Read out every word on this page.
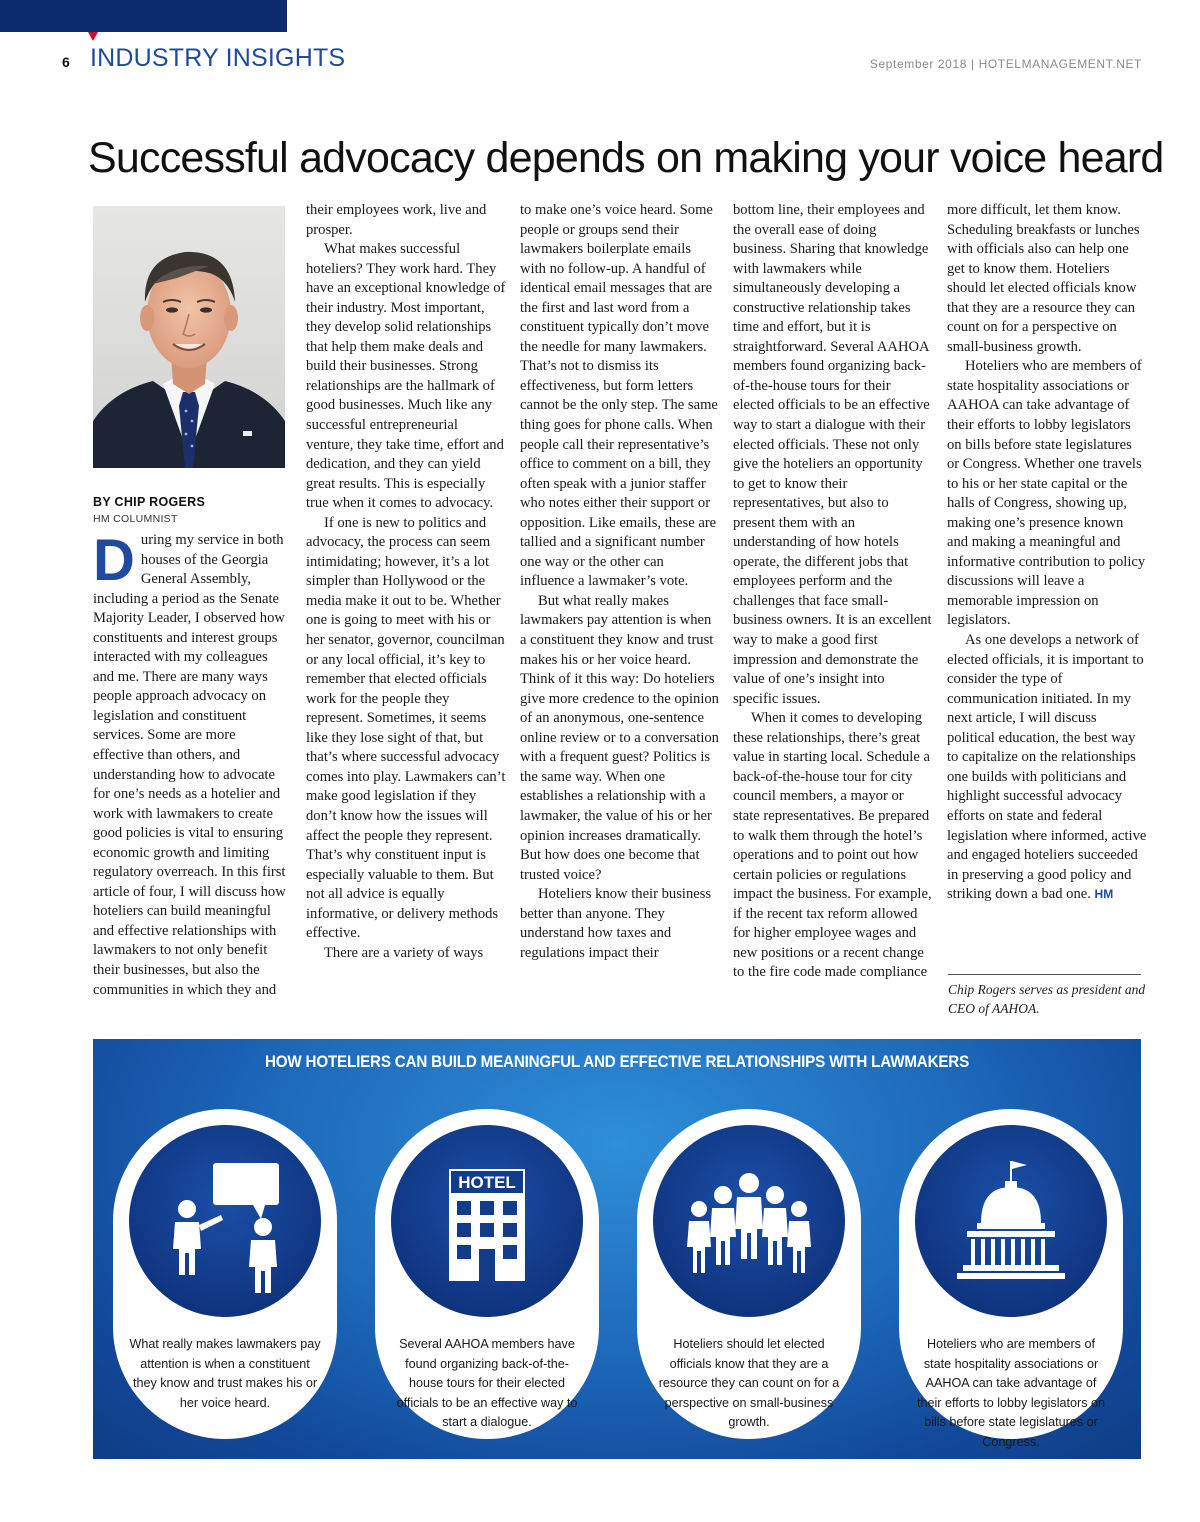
6 INDUSTRY INSIGHTS	September 2018 | HOTELMANAGEMENT.NET
Successful advocacy depends on making your voice heard
BY CHIP ROGERS
HM COLUMNIST
D uring my service in both houses of the Georgia General Assembly, including a period as the Senate Majority Leader, I observed how constituents and interest groups interacted with my colleagues and me. There are many ways people approach advocacy on legislation and constituent services. Some are more effective than others, and understanding how to advocate for one’s needs as a hotelier and work with lawmakers to create good policies is vital to ensuring economic growth and limiting regulatory overreach. In this first article of four, I will discuss how hoteliers can build meaningful and effective relationships with lawmakers to not only benefit their businesses, but also the communities in which they and

their employees work, live and prosper.

What makes successful hoteliers? They work hard. They have an exceptional knowledge of their industry. Most important, they develop solid relationships that help them make deals and build their businesses. Strong relationships are the hallmark of good businesses. Much like any successful entrepreneurial venture, they take time, effort and dedication, and they can yield great results. This is especially true when it comes to advocacy.

If one is new to politics and advocacy, the process can seem intimidating; however, it’s a lot simpler than Hollywood or the media make it out to be. Whether one is going to meet with his or her senator, governor, councilman or any local official, it’s key to remember that elected officials work for the people they represent. Sometimes, it seems like they lose sight of that, but that’s where successful advocacy comes into play. Lawmakers can’t make good legislation if they don’t know how the issues will affect the people they represent. That’s why constituent input is especially valuable to them. But not all advice is equally informative, or delivery methods effective.

There are a variety of ways

to make one’s voice heard. Some people or groups send their lawmakers boilerplate emails with no follow-up. A handful of identical email messages that are the first and last word from a constituent typically don’t move the needle for many lawmakers. That’s not to dismiss its effectiveness, but form letters cannot be the only step. The same thing goes for phone calls. When people call their representative’s office to comment on a bill, they often speak with a junior staffer who notes either their support or opposition. Like emails, these are tallied and a significant number one way or the other can influence a lawmaker’s vote.

But what really makes lawmakers pay attention is when a constituent they know and trust makes his or her voice heard. Think of it this way: Do hoteliers give more credence to the opinion of an anonymous, one-sentence online review or to a conversation with a frequent guest? Politics is the same way. When one establishes a relationship with a lawmaker, the value of his or her opinion increases dramatically. But how does one become that trusted voice?

Hoteliers know their business better than anyone. They understand how taxes and regulations impact their

bottom line, their employees and the overall ease of doing business. Sharing that knowledge with lawmakers while simultaneously developing a constructive relationship takes time and effort, but it is straightforward. Several AAHOA members found organizing back-of-the-house tours for their elected officials to be an effective way to start a dialogue with their elected officials. These not only give the hoteliers an opportunity to get to know their representatives, but also to present them with an understanding of how hotels operate, the different jobs that employees perform and the challenges that face small-business owners. It is an excellent way to make a good first impression and demonstrate the value of one’s insight into specific issues.

When it comes to developing these relationships, there’s great value in starting local. Schedule a back-of-the-house tour for city council members, a mayor or state representatives. Be prepared to walk them through the hotel’s operations and to point out how certain policies or regulations impact the business. For example, if the recent tax reform allowed for higher employee wages and new positions or a recent change to the fire code made compliance

more difficult, let them know. Scheduling breakfasts or lunches with officials also can help one get to know them. Hoteliers should let elected officials know that they are a resource they can count on for a perspective on small-business growth.

Hoteliers who are members of state hospitality associations or AAHOA can take advantage of their efforts to lobby legislators on bills before state legislatures or Congress. Whether one travels to his or her state capital or the halls of Congress, showing up, making one’s presence known and making a meaningful and informative contribution to policy discussions will leave a memorable impression on legislators.

As one develops a network of elected officials, it is important to consider the type of communication initiated. In my next article, I will discuss political education, the best way to capitalize on the relationships one builds with politicians and highlight successful advocacy efforts on state and federal legislation where informed, active and engaged hoteliers succeeded in preserving a good policy and striking down a bad one. HM

Chip Rogers serves as president and CEO of AAHOA.
HOW HOTELIERS CAN BUILD MEANINGFUL AND EFFECTIVE RELATIONSHIPS WITH LAWMAKERS
What really makes lawmakers pay attention is when a constituent they know and trust makes his or her voice heard.
HOTEL
Several AAHOA members have found organizing back-of-the-house tours for their elected officials to be an effective way to start a dialogue.
Hoteliers should let elected officials know that they are a resource they can count on for a perspective on small-business growth.
Hoteliers who are members of state hospitality associations or AAHOA can take advantage of their efforts to lobby legislators on bills before state legislatures or Congress.
